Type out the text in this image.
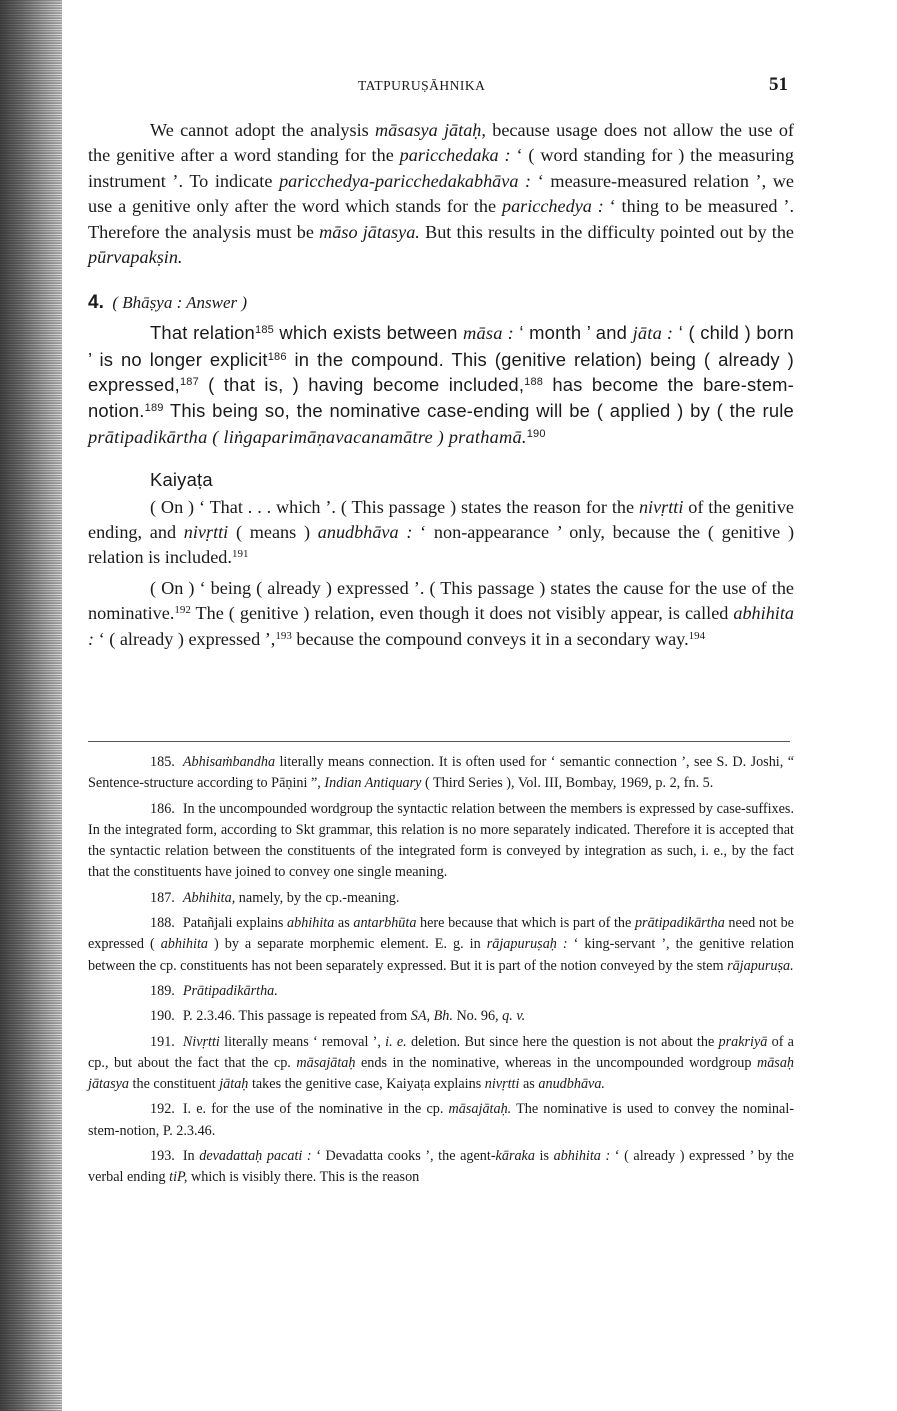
TATPURUṢĀHNIKA	51

We cannot adopt the analysis māsasya jātaḥ, because usage does not allow the use of the genitive after a word standing for the paricchedaka : ‘ ( word standing for ) the measuring instrument ’. To indicate paricchedya-paricchedakabhāva : ‘ measure-measured relation ’, we use a genitive only after the word which stands for the paricchedya : ‘ thing to be measured ’. Therefore the analysis must be māso jātasya. But this results in the difficulty pointed out by the pūrvapakṣin.

4. ( Bhāṣya : Answer )

That relation$^{185}$ which exists between māsa : ‘ month ’ and jāta : ‘ ( child ) born ’ is no longer explicit$^{186}$ in the compound. This (genitive relation) being ( already ) expressed,$^{187}$ ( that is, ) having become included,$^{188}$ has become the bare-stem-notion.$^{189}$ This being so, the nominative case-ending will be ( applied ) by ( the rule prātipadikārtha ( liṅgaparimāṇavacanamātre ) prathamā.$^{190}$

Kaiyaṭa

( On ) ‘ That . . . which ’. ( This passage ) states the reason for the nivṛtti of the genitive ending, and nivṛtti ( means ) anudbhāva : ‘ non-appearance ’ only, because the ( genitive ) relation is included.$^{191}$

( On ) ‘ being ( already ) expressed ’. ( This passage ) states the cause for the use of the nominative.$^{192}$ The ( genitive ) relation, even though it does not visibly appear, is called abhihita : ‘ ( already ) expressed ’,$^{193}$ because the compound conveys it in a secondary way.$^{194}$

185. Abhisaṁbandha literally means connection. It is often used for ‘ semantic connection ’, see S. D. Joshi, “ Sentence-structure according to Pāṇini ”, Indian Antiquary ( Third Series ), Vol. III, Bombay, 1969, p. 2, fn. 5.

186. In the uncompounded wordgroup the syntactic relation between the members is expressed by case-suffixes. In the integrated form, according to Skt grammar, this relation is no more separately indicated. Therefore it is accepted that the syntactic relation between the constituents of the integrated form is conveyed by integration as such, i. e., by the fact that the constituents have joined to convey one single meaning.

187. Abhihita, namely, by the cp.-meaning.

188. Patañjali explains abhihita as antarbhūta here because that which is part of the prātipadikārtha need not be expressed ( abhihita ) by a separate morphemic element. E. g. in rājapuruṣaḥ : ‘ king-servant ’, the genitive relation between the cp. constituents has not been separately expressed. But it is part of the notion conveyed by the stem rājapuruṣa.

189. Prātipadikārtha.

190. P. 2.3.46. This passage is repeated from SA, Bh. No. 96, q. v.

191. Nivṛtti literally means ‘ removal ’, i. e. deletion. But since here the question is not about the prakriyā of a cp., but about the fact that the cp. māsajātaḥ ends in the nominative, whereas in the uncompounded wordgroup māsaḥ jātasya the constituent jātaḥ takes the genitive case, Kaiyaṭa explains nivṛtti as anudbhāva.

192. I. e. for the use of the nominative in the cp. māsajātaḥ. The nominative is used to convey the nominal-stem-notion, P. 2.3.46.

193. In devadattaḥ pacati : ‘ Devadatta cooks ’, the agent-kāraka is abhihita : ‘ ( already ) expressed ’ by the verbal ending tiP, which is visibly there. This is the reason
